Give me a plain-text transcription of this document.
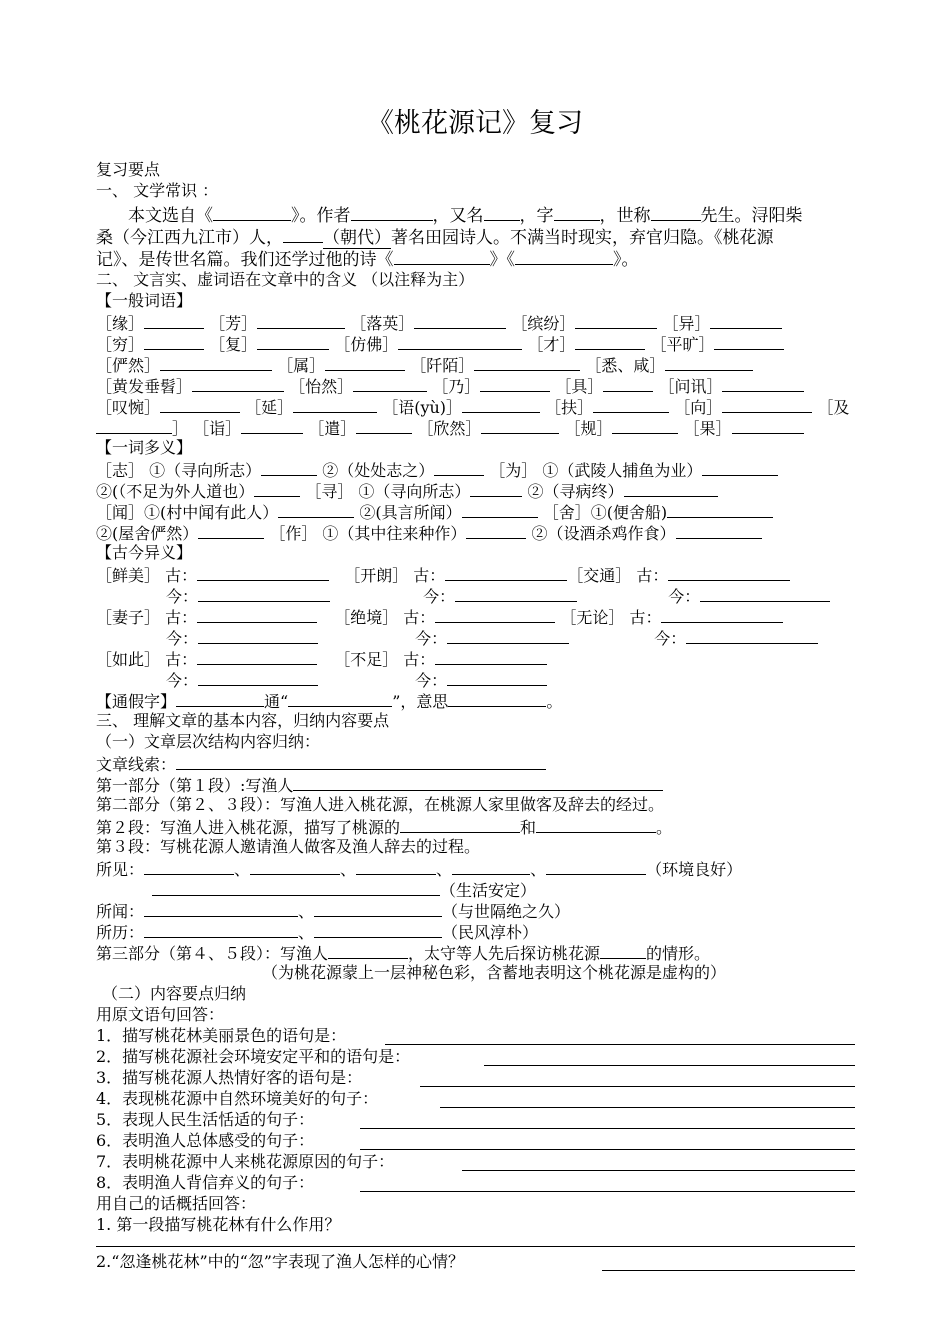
《桃花源记》复习
复习要点
一、 文学常识 ：
本文选自《	》。作者	，又名 ，字	，世称	先生。浔阳柴
桑（今江西九江市）人， （朝代）著名田园诗人。不满当时现实，弃官归隐。《桃花源
记》、是传世名篇。我们还学过他的诗《	》《	》。
二、 文言实、虚词语在文章中的含义 （以注释为主）
【一般词语】
［缘］	［芳］	［落英］	［缤纷］	［异］
［穷］	［复］	［仿佛］	［才］	［平旷］
［俨然］	［属］	［阡陌］	［悉、咸］
［黄发垂髫］	［怡然］	［乃］	［具］	［问讯］
［叹惋］	［延］	［语(yù)］	［扶］	［向］	［及
］ ［诣］	［遣］	［欣然］	［规］	［果］
【一词多义】
［志］ ①（寻向所志）	②（处处志之）	［为］ ①（武陵人捕鱼为业）
②(（不足为外人道也）	［寻］ ①（寻向所志）	②（寻病终）
［闻］①(村中闻有此人）	②(具言所闻）	［舍］①(便舍船)
②(屋舍俨然）	［作］ ①（其中往来种作）	②（设酒杀鸡作食）
【古今异义】
［鲜美］ 古：	［开朗］ 古：	［交通］ 古：
今：	今：	今：
［妻子］ 古：	［绝境］ 古：	［无论］ 古：
今：	今：	今：
［如此］ 古：	［不足］ 古：
今：	今：
【通假字】	通“	”，意思	。
三、 理解文章的基本内容，归纳内容要点
（一）文章层次结构内容归纳：
文章线索：
第一部分（第１段）:写渔人
第二部分（第２、３段）：写渔人进入桃花源，在桃源人家里做客及辞去的经过。
第２段：写渔人进入桃花源，描写了桃源的	和	。
第３段：写桃花源人邀请渔人做客及渔人辞去的过程。
所见：	、	、	、	、	（环境良好）
（生活安定）
所闻：	、	（与世隔绝之久）
所历：	、	（民风淳朴）
第三部分（第４、５段）：写渔人	，太守等人先后探访桃花源	的情形。
（为桃花源蒙上一层神秘色彩，含蓄地表明这个桃花源是虚构的）
（二）内容要点归纳
用原文语句回答：
1．描写桃花林美丽景色的语句是：
2．描写桃花源社会环境安定平和的语句是：
3．描写桃花源人热情好客的语句是：
4．表现桃花源中自然环境美好的句子：
5．表现人民生活恬适的句子：
6．表明渔人总体感受的句子：
7．表明桃花源中人来桃花源原因的句子：
8．表明渔人背信弃义的句子：
用自己的话概括回答：
1. 第一段描写桃花林有什么作用？
2.“忽逢桃花林”中的“忽”字表现了渔人怎样的心情？
